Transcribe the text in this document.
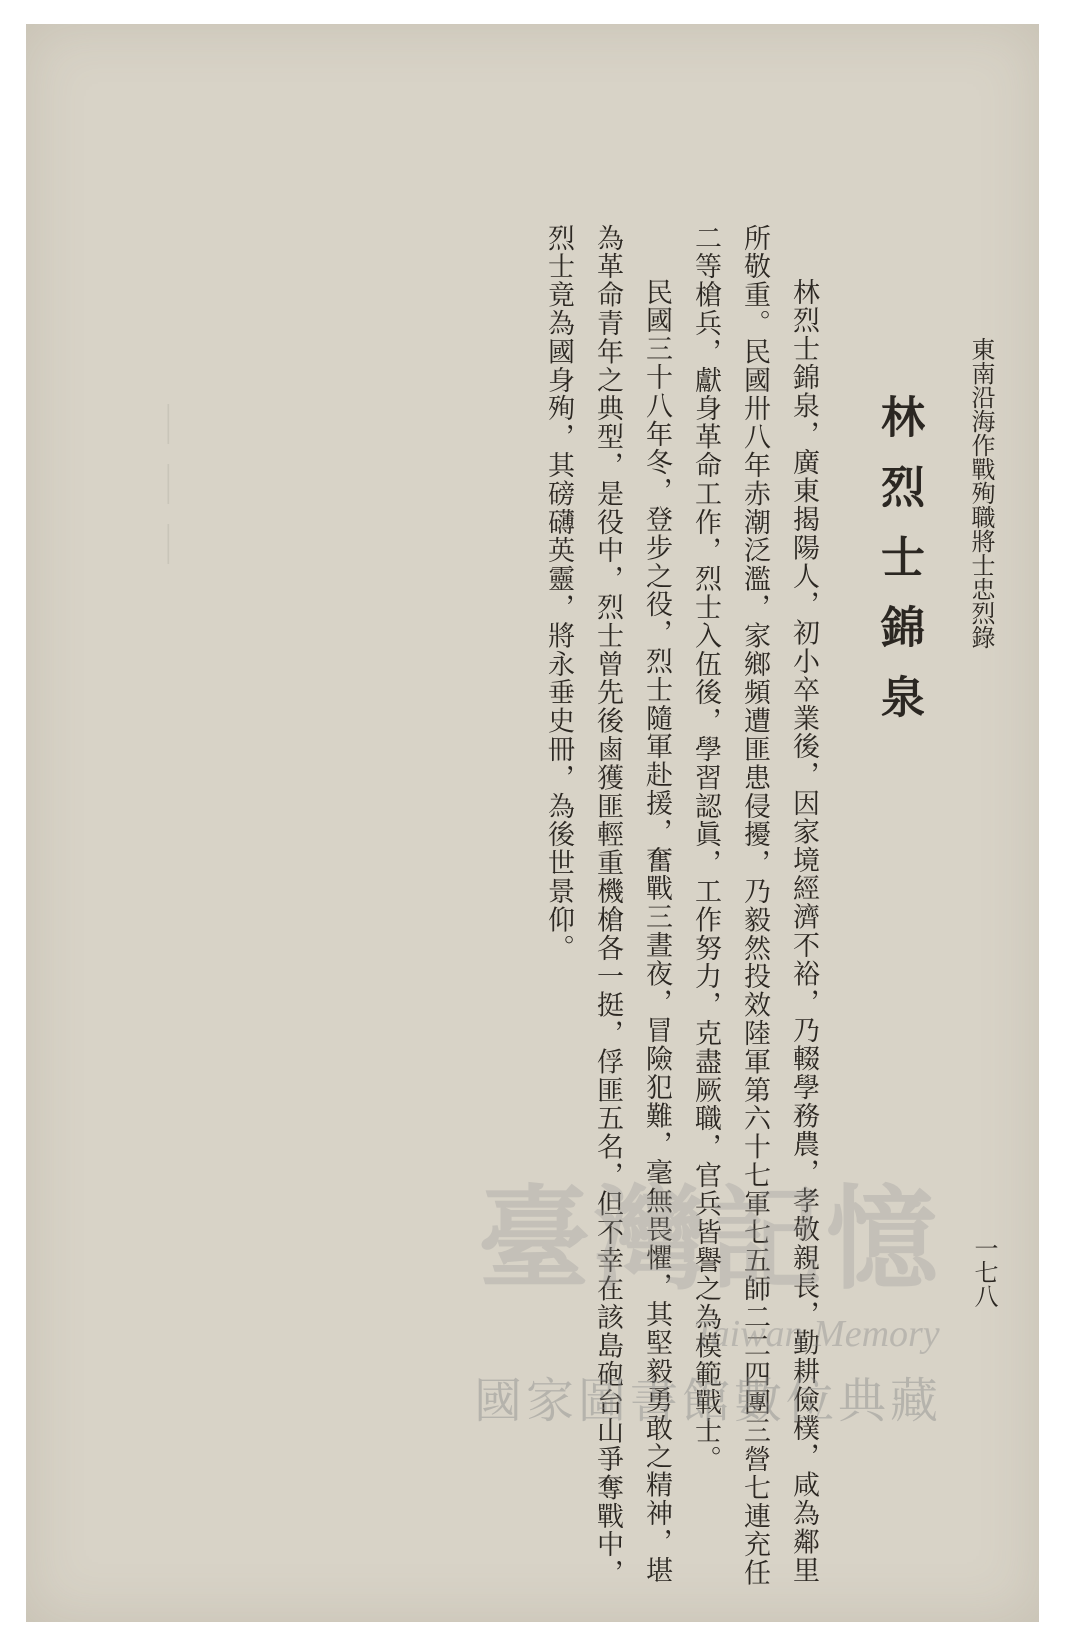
＿＿＿	東南沿海作戰殉職將士忠烈錄
林烈士錦泉

林烈士錦泉，廣東揭陽人，初小卒業後，因家境經濟不裕，乃輟學務農，孝敬親長，勤耕儉樸，咸為鄰里所敬重。民國卅八年赤潮泛濫，家鄉頻遭匪患侵擾，乃毅然投效陸軍第六十七軍七五師二二四團三營七連充任二等槍兵，獻身革命工作，烈士入伍後，學習認眞，工作努力，克盡厥職，官兵皆譽之為模範戰士。

民國三十八年冬，登步之役，烈士隨軍赴援，奮戰三晝夜，冒險犯難，毫無畏懼，其堅毅勇敢之精神，堪為革命青年之典型，是役中，烈士曾先後鹵獲匪輕重機槍各一挺，俘匪五名，但不幸在該島砲台山爭奪戰中，烈士竟為國身殉，其磅礴英靈，將永垂史冊，為後世景仰。

一七八
臺灣記憶
Taiwan Memory
國家圖書館數位典藏
